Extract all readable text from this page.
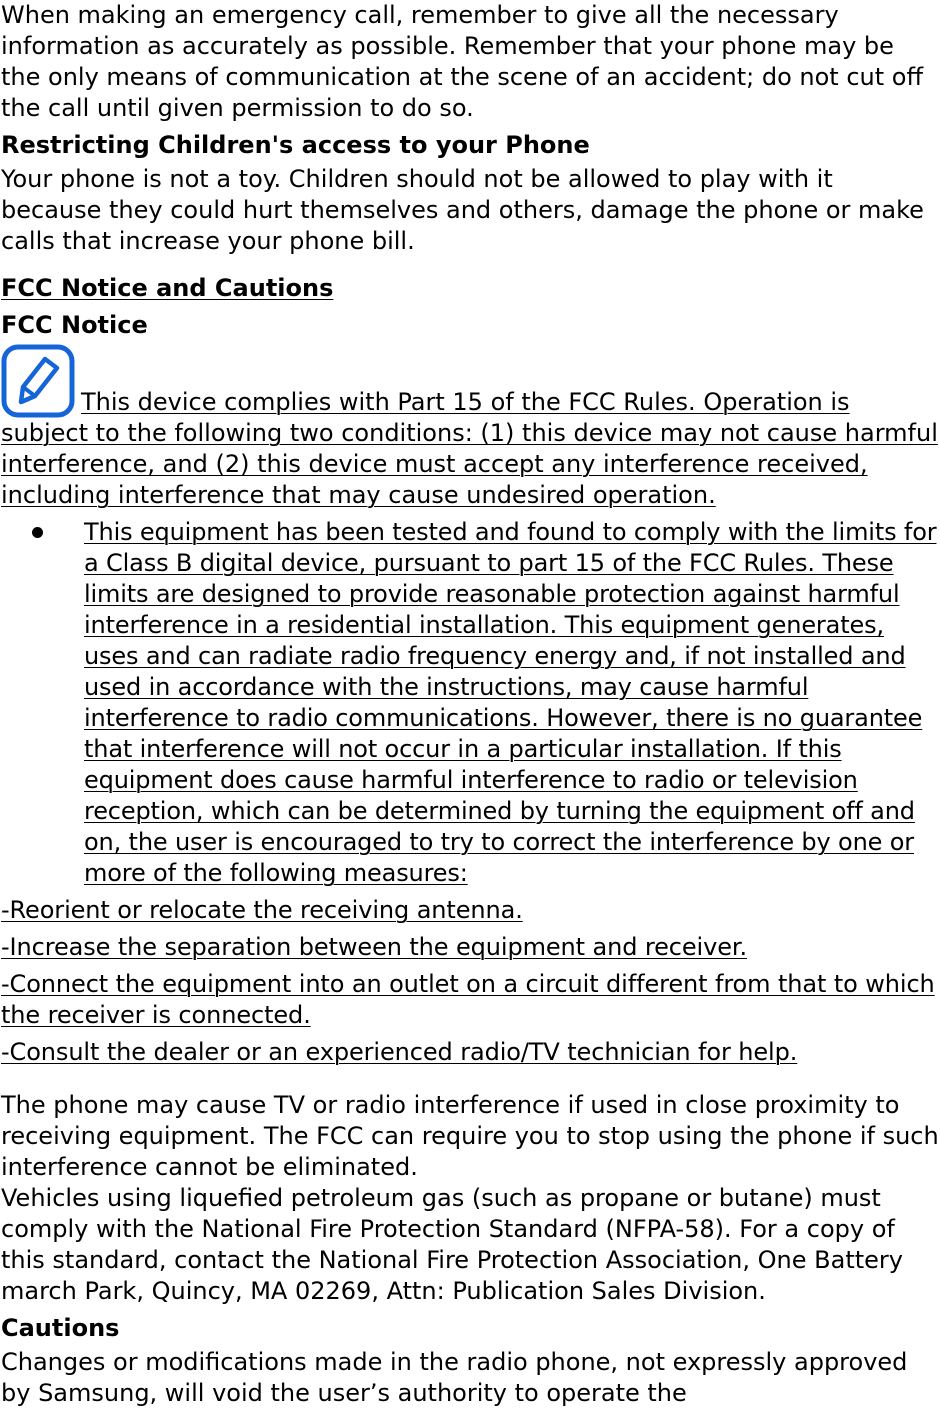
When making an emergency call, remember to give all the necessary information as accurately as possible. Remember that your phone may be the only means of communication at the scene of an accident; do not cut off the call until given permission to do so.

Restricting Children's access to your Phone

Your phone is not a toy. Children should not be allowed to play with it because they could hurt themselves and others, damage the phone or make calls that increase your phone bill.

FCC Notice and Cautions

FCC Notice

This device complies with Part 15 of the FCC Rules. Operation is subject to the following two conditions: (1) this device may not cause harmful interference, and (2) this device must accept any interference received, including interference that may cause undesired operation.
This equipment has been tested and found to comply with the limits for a Class B digital device, pursuant to part 15 of the FCC Rules. These limits are designed to provide reasonable protection against harmful interference in a residential installation. This equipment generates, uses and can radiate radio frequency energy and, if not installed and used in accordance with the instructions, may cause harmful interference to radio communications. However, there is no guarantee that interference will not occur in a particular installation. If this equipment does cause harmful interference to radio or television reception, which can be determined by turning the equipment off and on, the user is encouraged to try to correct the interference by one or more of the following measures:

-Reorient or relocate the receiving antenna.

-Increase the separation between the equipment and receiver.

-Connect the equipment into an outlet on a circuit different from that to which the receiver is connected.

-Consult the dealer or an experienced radio/TV technician for help.

The phone may cause TV or radio interference if used in close proximity to receiving equipment. The FCC can require you to stop using the phone if such interference cannot be eliminated.

Vehicles using liquefied petroleum gas (such as propane or butane) must comply with the National Fire Protection Standard (NFPA-58). For a copy of this standard, contact the National Fire Protection Association, One Battery march Park, Quincy, MA 02269, Attn: Publication Sales Division.

Cautions

Changes or modifications made in the radio phone, not expressly approved by Samsung, will void the user’s authority to operate the
